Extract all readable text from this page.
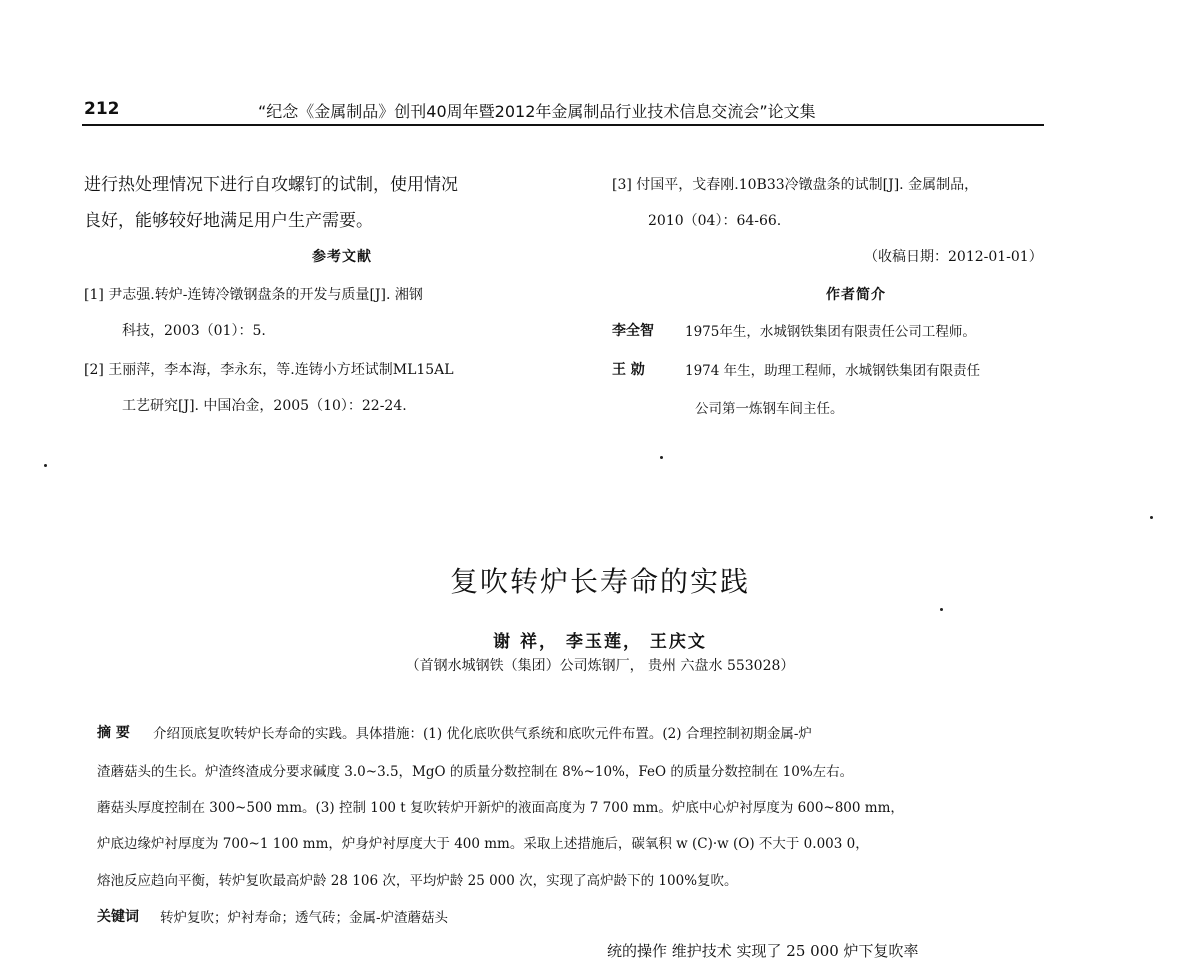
212	“纪念《金属制品》创刊40周年暨2012年金属制品行业技术信息交流会”论文集
进行热处理情况下进行自攻螺钉的试制，使用情况
良好，能够较好地满足用户生产需要。
参考文献
[1] 尹志强.转炉-连铸冷镦钢盘条的开发与质量[J]. 湘钢
科技，2003（01）：5.
[2] 王丽萍，李本海，李永东，等.连铸小方坯试制ML15AL
工艺研究[J]. 中国冶金，2005（10）：22-24.
[3] 付国平，戈春刚.10B33冷镦盘条的试制[J]. 金属制品，
2010（04）：64-66.
（收稿日期：2012-01-01）
作者简介
李全智 1975年生，水城钢铁集团有限责任公司工程师。
王 勍	1974 年生，助理工程师，水城钢铁集团有限责任
公司第一炼钢车间主任。
复吹转炉长寿命的实践
谢 祥， 李玉莲， 王庆文
（首钢水城钢铁（集团）公司炼钢厂， 贵州 六盘水 553028）
摘 要 介绍顶底复吹转炉长寿命的实践。具体措施：(1) 优化底吹供气系统和底吹元件布置。(2) 合理控制初期金属-炉
渣蘑菇头的生长。炉渣终渣成分要求碱度 3.0~3.5，MgO 的质量分数控制在 8%~10%，FeO 的质量分数控制在 10%左右。
蘑菇头厚度控制在 300~500 mm。(3) 控制 100 t 复吹转炉开新炉的液面高度为 7 700 mm。炉底中心炉衬厚度为 600~800 mm，
炉底边缘炉衬厚度为 700~1 100 mm，炉身炉衬厚度大于 400 mm。采取上述措施后，碳氧积 w (C)·w (O) 不大于 0.003 0，
熔池反应趋向平衡，转炉复吹最高炉龄 28 106 次，平均炉龄 25 000 次，实现了高炉龄下的 100%复吹。
关键词 转炉复吹；炉衬寿命；透气砖；金属-炉渣蘑菇头
统的操作 维护技术 实现了 25 000 炉下复吹率
